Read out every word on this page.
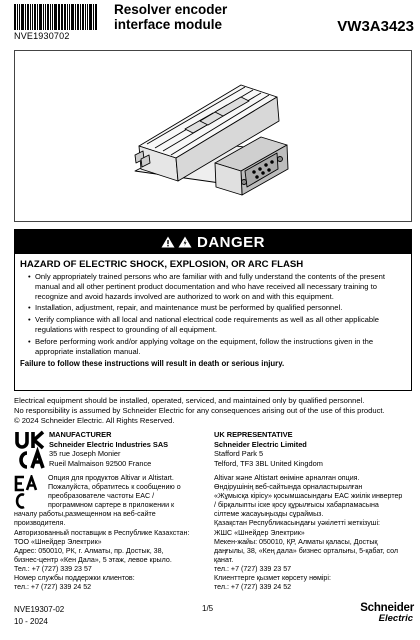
NVE1930702
Resolver encoder
interface module	VW3A3423
DANGER
HAZARD OF ELECTRIC SHOCK, EXPLOSION, OR ARC FLASH
• Only appropriately trained persons who are familiar with and fully understand the contents of the present manual and all other pertinent product documentation and who have received all necessary training to recognize and avoid hazards involved are authorized to work on and with this equipment.
• Installation, adjustment, repair, and maintenance must be performed by qualified personnel.
• Verify compliance with all local and national electrical code requirements as well as all other applicable regulations with respect to grounding of all equipment.
• Before performing work and/or applying voltage on the equipment, follow the instructions given in the appropriate installation manual.
Failure to follow these instructions will result in death or serious injury.
Electrical equipment should be installed, operated, serviced, and maintained only by qualified personnel.
No responsibility is assumed by Schneider Electric for any consequences arising out of the use of this product.
© 2024 Schneider Electric. All Rights Reserved.
MANUFACTURER
Schneider Electric Industries SAS
35 rue Joseph Monier
Rueil Malmaison 92500 France
UK REPRESENTATIVE
Schneider Electric Limited
Stafford Park 5
Telford, TF3 3BL United Kingdom
Опция для продуктов Altivar и Altistart.
Пожалуйста, обратитесь к сообщению о
преобразователе частоты EAC /
программном сартере в приложении к
началу работы,размещенном на веб-сайте
производителя.
Авторизованный поставщик в Республике Казахстан:
ТОО «Шнейдер Электрик»
Адрес: 050010, РК, г. Алматы, пр. Достык, 38,
бизнес-центр «Кен Дала», 5 этаж, левое крыло.
Тел.: +7 (727) 339 23 57
Номер службы поддержки клиентов:
тел.: +7 (727) 339 24 52
Altivar және Altistart өніміне арналған опция.
Өндірушінің веб-сайтында орналастырылған
«Жұмысқа кірісу» қосымшасындағы EAC жиілік инвертер
/ бірқалыпты іске қосу құрылғысы хабарламасына
сілтеме жасауыңызды сұраймыз.
Қазақстан Республикасындағы уәкілетті жеткізуші:
ЖШС «Шнейдер Электрик»
Мекен-жайы: 050010, ҚР, Алматы қаласы, Достық
даңғылы, 38, «Кең дала» бизнес орталығы, 5-қабат, сол
қанат.
тел.: +7 (727) 339 23 57
Клиенттерге қызмет көрсету нөмірі:
тел.: +7 (727) 339 24 52
NVE19307-02
10 - 2024
1/5	Schneider
Electric
